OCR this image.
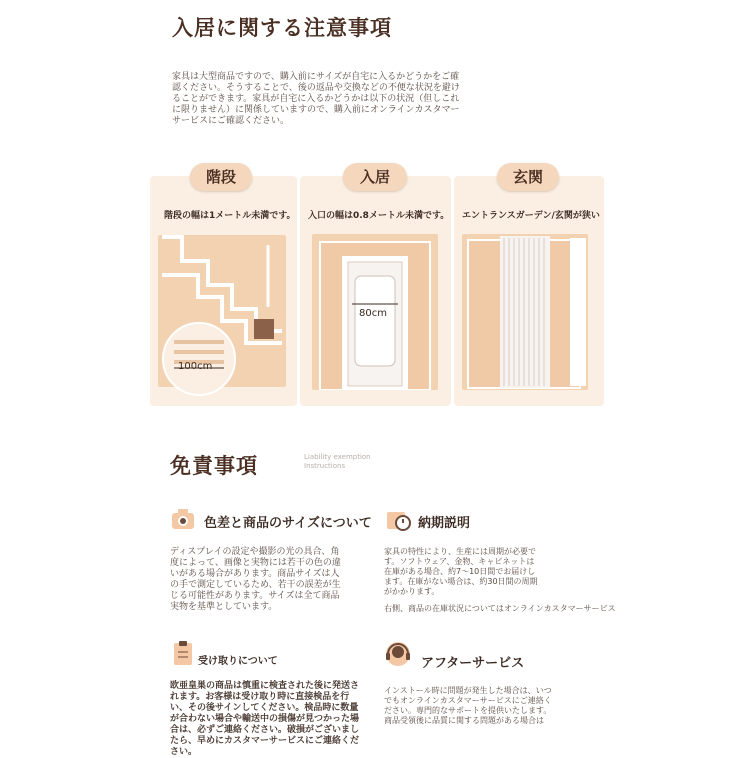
入居に関する注意事項
家具は大型商品ですので、購入前にサイズが自宅に入るかどうかをご確認ください。そうすることで、後の返品や交換などの不便な状況を避けることができます。家具が自宅に入るかどうかは以下の状況（但しこれに限りません）に関係していますので、購入前にオンラインカスタマーサービスにご確認ください。
階段
階段の幅は1メートル未満です。
100cm
入居
入口の幅は0.8メートル未満です。
80cm
玄関
エントランスガーデン/玄関が狭い
免責事項	Liability exemption
Instructions
色差と商品のサイズについて
ディスプレイの設定や撮影の光の具合、角度によって、画像と実物には若干の色の違いがある場合があります。商品サイズは人の手で測定しているため、若干の誤差が生じる可能性があります。サイズは全て商品実物を基準としています。
納期説明
家具の特性により、生産には周期が必要です。ソフトウェア、金物、キャビネットは在庫がある場合、約7〜10日間でお届けします。在庫がない場合は、約30日間の周期がかかります。
右側、商品の在庫状況についてはオンラインカスタマーサービス
受け取りについて
欧亜皇巣の商品は慎重に検査された後に発送されます。お客様は受け取り時に直接検品を行い、その後サインしてください。検品時に数量が合わない場合や輸送中の損傷が見つかった場合は、必ずご連絡ください。破損がございましたら、早めにカスタマーサービスにご連絡ください。
アフターサービス
インストール時に問題が発生した場合は、いつでもオンラインカスタマーサービスにご連絡ください。専門的なサポートを提供いたします。商品受領後に品質に関する問題がある場合は
